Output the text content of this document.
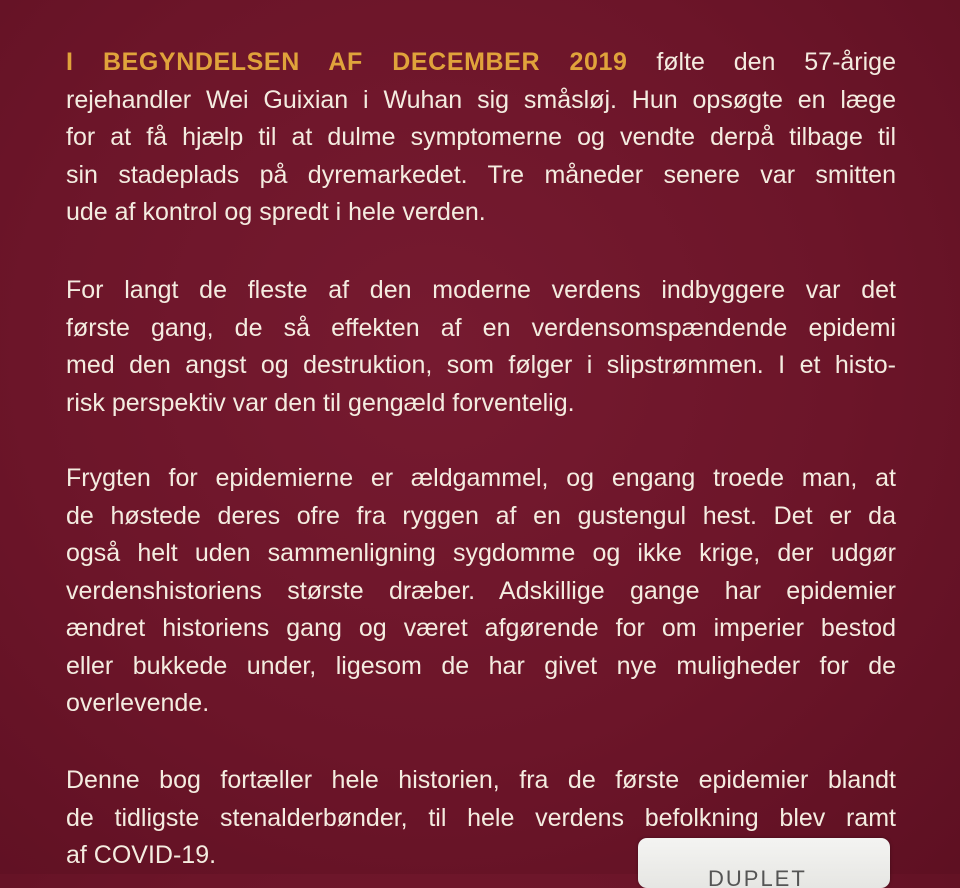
I BEGYNDELSEN AF DECEMBER 2019 følte den 57-årige
rejehandler Wei Guixian i Wuhan sig småsløj. Hun opsøgte en læge
for at få hjælp til at dulme symptomerne og vendte derpå tilbage til
sin stadeplads på dyremarkedet. Tre måneder senere var smitten
ude af kontrol og spredt i hele verden.

For langt de fleste af den moderne verdens indbyggere var det
første gang, de så effekten af en verdensomspændende epidemi
med den angst og destruktion, som følger i slipstrømmen. I et histo-
risk perspektiv var den til gengæld forventelig.

Frygten for epidemierne er ældgammel, og engang troede man, at
de høstede deres ofre fra ryggen af en gustengul hest. Det er da
også helt uden sammenligning sygdomme og ikke krige, der udgør
verdenshistoriens største dræber. Adskillige gange har epidemier
ændret historiens gang og været afgørende for om imperier bestod
eller bukkede under, ligesom de har givet nye muligheder for de
overlevende.

Denne bog fortæller hele historien, fra de første epidemier blandt
de tidligste stenalderbønder, til hele verdens befolkning blev ramt
af COVID-19.

DUPLET
